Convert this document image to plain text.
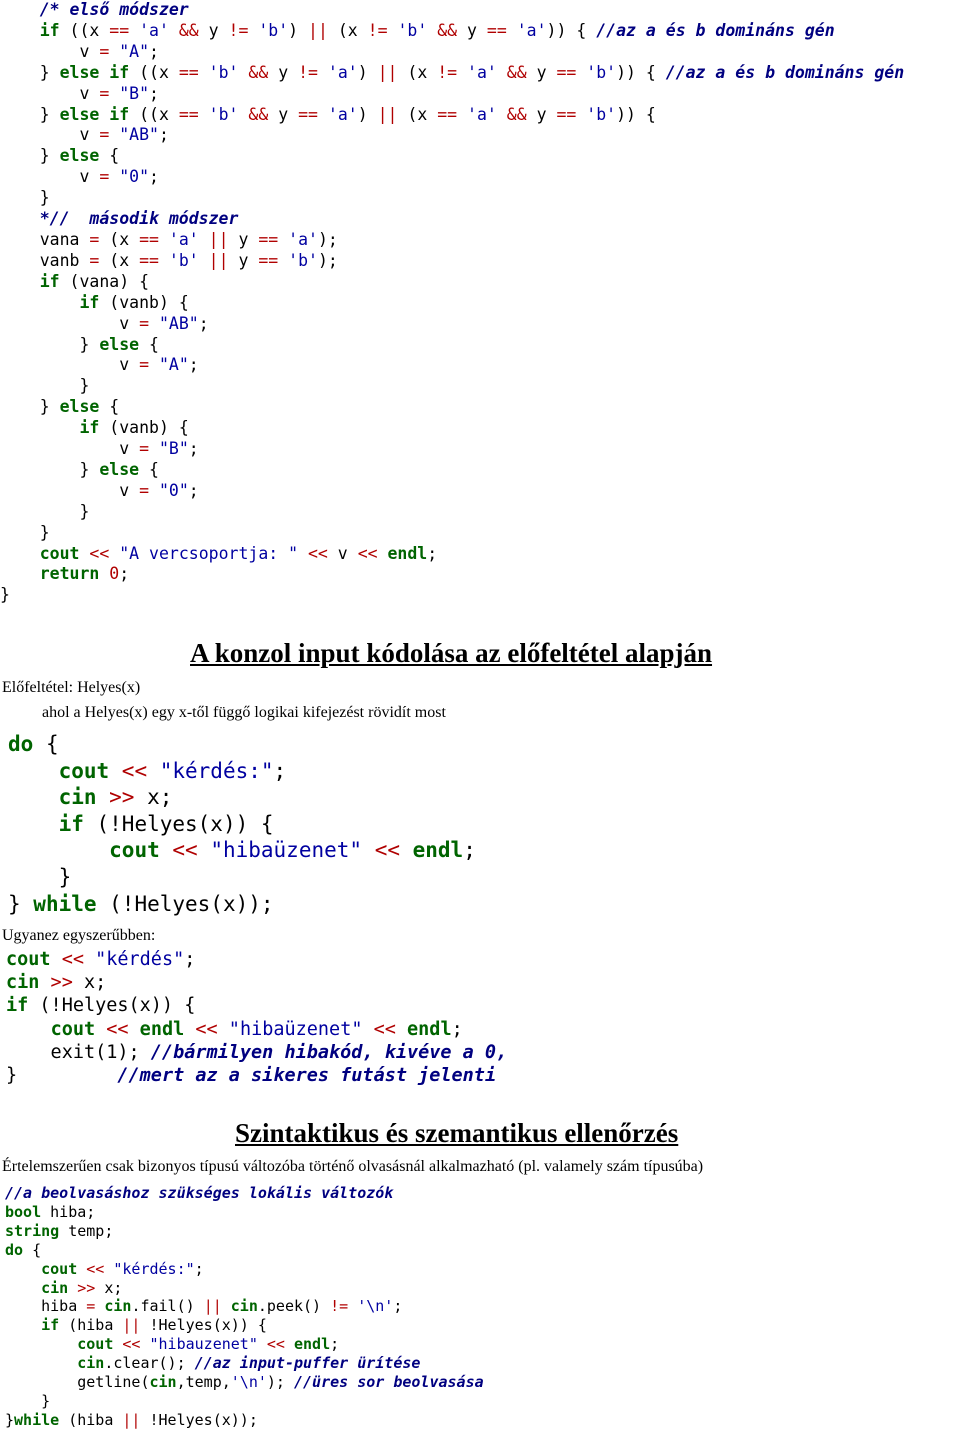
/* első módszer
if ((x == 'a' && y != 'b') || (x != 'b' && y == 'a')) { //az a és b domináns gén
v = "A";
} else if ((x == 'b' && y != 'a') || (x != 'a' && y == 'b')) { //az a és b domináns gén
v = "B";
} else if ((x == 'b' && y == 'a') || (x == 'a' && y == 'b')) {
v = "AB";
} else {
v = "0";
}
*//  második módszer
vana = (x == 'a' || y == 'a');
vanb = (x == 'b' || y == 'b');
if (vana) {
if (vanb) {
v = "AB";
} else {
v = "A";
}
} else {
if (vanb) {
v = "B";
} else {
v = "0";
}
}
cout << "A vercsoportja: " << v << endl;
return 0;
}
A konzol input kódolása az előfeltétel alapján
Előfeltétel: Helyes(x)
ahol a Helyes(x) egy x-től függő logikai kifejezést rövidít most
do {
cout << "kérdés:";
cin >> x;
if (!Helyes(x)) {
cout << "hibaüzenet" << endl;
}
} while (!Helyes(x));
Ugyanez egyszerűbben:
cout << "kérdés";
cin >> x;
if (!Helyes(x)) {
cout << endl << "hibaüzenet" << endl;
exit(1); //bármilyen hibakód, kivéve a 0,
}         //mert az a sikeres futást jelenti
Szintaktikus és szemantikus ellenőrzés
Értelemszerűen csak bizonyos típusú változóba történő olvasásnál alkalmazható (pl. valamely szám típusúba)
//a beolvasáshoz szükséges lokális változók
bool hiba;
string temp;
do {
cout << "kérdés:";
cin >> x;
hiba = cin.fail() || cin.peek() != '\n';
if (hiba || !Helyes(x)) {
cout << "hibauzenet" << endl;
cin.clear(); //az input-puffer ürítése
getline(cin,temp,'\n'); //üres sor beolvasása
}
}while (hiba || !Helyes(x));
